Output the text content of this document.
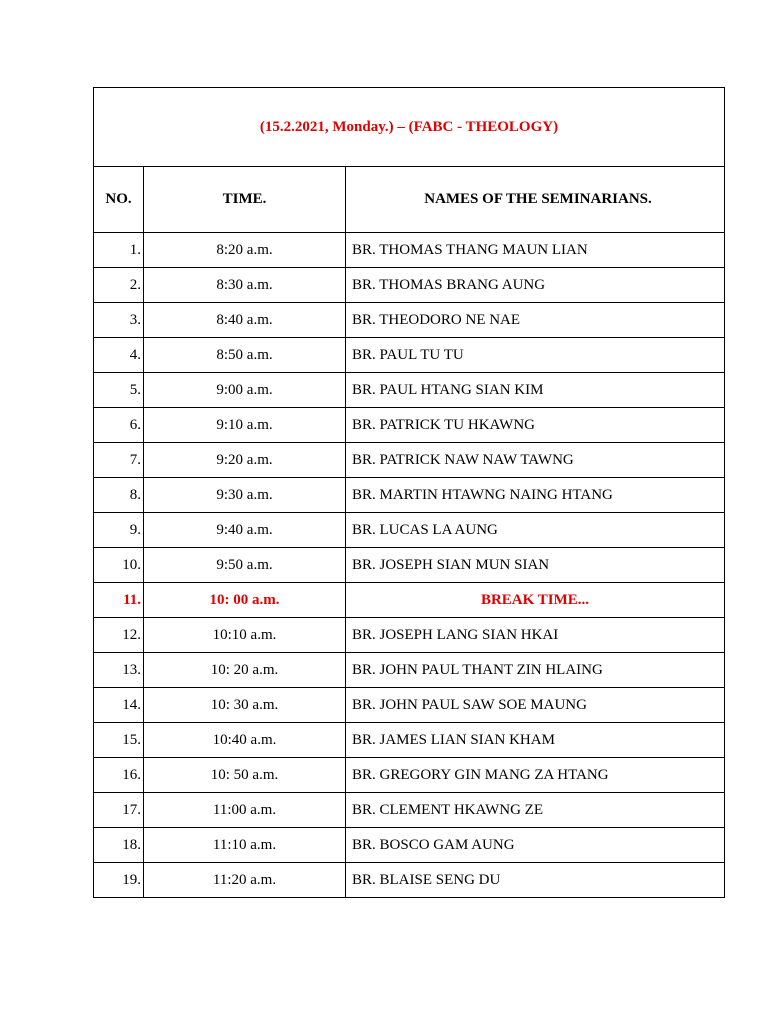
(15.2.2021, Monday.) – (FABC - THEOLOGY)		
NO.	TIME.	NAMES OF THE SEMINARIANS.
1.	8:20 a.m.	BR. THOMAS THANG MAUN LIAN
2.	8:30 a.m.	BR. THOMAS BRANG AUNG
3.	8:40 a.m.	BR. THEODORO NE NAE
4.	8:50 a.m.	BR. PAUL TU TU
5.	9:00 a.m.	BR. PAUL HTANG SIAN KIM
6.	9:10 a.m.	BR. PATRICK TU HKAWNG
7.	9:20 a.m.	BR. PATRICK NAW NAW TAWNG
8.	9:30 a.m.	BR. MARTIN HTAWNG NAING HTANG
9.	9:40 a.m.	BR. LUCAS LA AUNG
10.	9:50 a.m.	BR. JOSEPH SIAN MUN SIAN
11.	10: 00 a.m.	BREAK TIME...
12.	10:10 a.m.	BR. JOSEPH LANG SIAN HKAI
13.	10: 20 a.m.	BR. JOHN PAUL THANT ZIN HLAING
14.	10: 30 a.m.	BR. JOHN PAUL SAW SOE MAUNG
15.	10:40 a.m.	BR. JAMES LIAN SIAN KHAM
16.	10: 50 a.m.	BR. GREGORY GIN MANG ZA HTANG
17.	11:00 a.m.	BR. CLEMENT HKAWNG ZE
18.	11:10 a.m.	BR. BOSCO GAM AUNG
19.	11:20 a.m.	BR. BLAISE SENG DU
